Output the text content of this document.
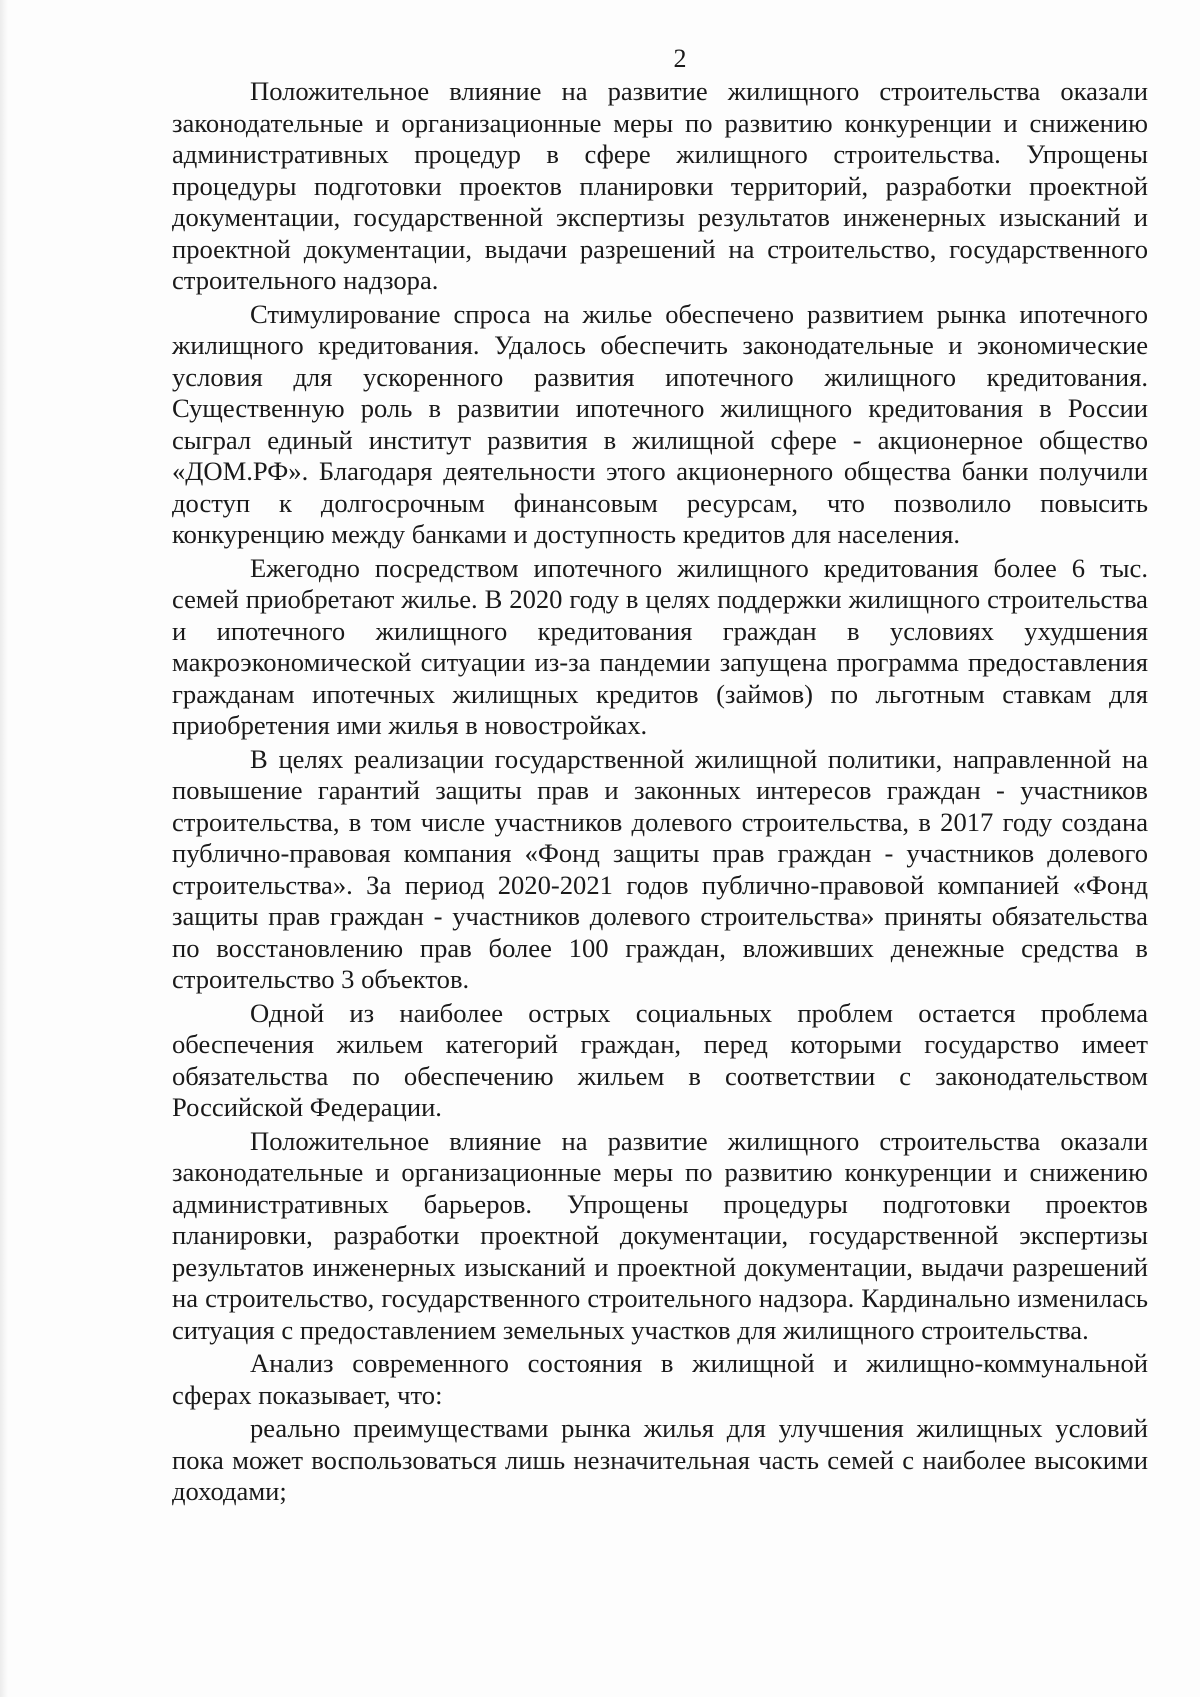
2

Положительное влияние на развитие жилищного строительства оказали законодательные и организационные меры по развитию конкуренции и снижению административных процедур в сфере жилищного строительства. Упрощены процедуры подготовки проектов планировки территорий, разработки проектной документации, государственной экспертизы результатов инженерных изысканий и проектной документации, выдачи разрешений на строительство, государственного строительного надзора.

Стимулирование спроса на жилье обеспечено развитием рынка ипотечного жилищного кредитования. Удалось обеспечить законодательные и экономические условия для ускоренного развития ипотечного жилищного кредитования. Существенную роль в развитии ипотечного жилищного кредитования в России сыграл единый институт развития в жилищной сфере - акционерное общество «ДОМ.РФ». Благодаря деятельности этого акционерного общества банки получили доступ к долгосрочным финансовым ресурсам, что позволило повысить конкуренцию между банками и доступность кредитов для населения.

Ежегодно посредством ипотечного жилищного кредитования более 6 тыс. семей приобретают жилье. В 2020 году в целях поддержки жилищного строительства и ипотечного жилищного кредитования граждан в условиях ухудшения макроэкономической ситуации из-за пандемии запущена программа предоставления гражданам ипотечных жилищных кредитов (займов) по льготным ставкам для приобретения ими жилья в новостройках.

В целях реализации государственной жилищной политики, направленной на повышение гарантий защиты прав и законных интересов граждан - участников строительства, в том числе участников долевого строительства, в 2017 году создана публично-правовая компания «Фонд защиты прав граждан - участников долевого строительства». За период 2020-2021 годов публично-правовой компанией «Фонд защиты прав граждан - участников долевого строительства» приняты обязательства по восстановлению прав более 100 граждан, вложивших денежные средства в строительство 3 объектов.

Одной из наиболее острых социальных проблем остается проблема обеспечения жильем категорий граждан, перед которыми государство имеет обязательства по обеспечению жильем в соответствии с законодательством Российской Федерации.

Положительное влияние на развитие жилищного строительства оказали законодательные и организационные меры по развитию конкуренции и снижению административных барьеров. Упрощены процедуры подготовки проектов планировки, разработки проектной документации, государственной экспертизы результатов инженерных изысканий и проектной документации, выдачи разрешений на строительство, государственного строительного надзора. Кардинально изменилась ситуация с предоставлением земельных участков для жилищного строительства.

Анализ современного состояния в жилищной и жилищно-коммунальной сферах показывает, что:

реально преимуществами рынка жилья для улучшения жилищных условий пока может воспользоваться лишь незначительная часть семей с наиболее высокими доходами;
